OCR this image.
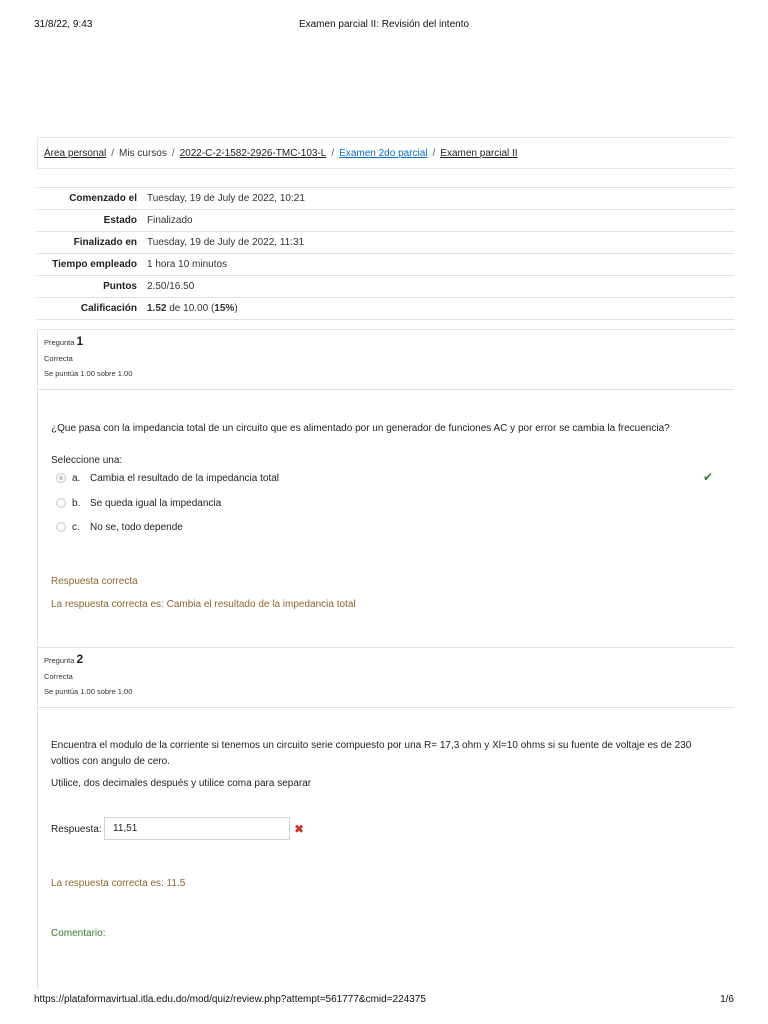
31/8/22, 9:43	Examen parcial II: Revisión del intento
Área personal / Mis cursos / 2022-C-2-1582-2926-TMC-103-L / Examen 2do parcial / Examen parcial II
Comenzado el	Tuesday, 19 de July de 2022, 10:21
Estado	Finalizado
Finalizado en	Tuesday, 19 de July de 2022, 11:31
Tiempo empleado	1 hora 10 minutos
Puntos	2.50/16.50
Calificación	1.52 de 10.00 (15%)
Pregunta 1
Correcta
Se puntúa 1.00 sobre 1.00
¿Que pasa con la impedancia total de un circuito que es alimentado por un generador de funciones AC y por error se cambia la frecuencia?
Seleccione una:
a. Cambia el resultado de la impedancia total	✔
b. Se queda igual la impedancia
c. No se, todo depende
Respuesta correcta
La respuesta correcta es: Cambia el resultado de la impedancia total
Pregunta 2
Correcta
Se puntúa 1.00 sobre 1.00
Encuentra el modulo de la corriente si tenemos un circuito serie compuesto por una R= 17,3 ohm y Xl=10 ohms si su fuente de voltaje es de 230 voltios con angulo de cero.
Utilice, dos decimales después y utilice coma para separar
Respuesta:	11,51	✖
La respuesta correcta es: 11.5
Comentario:
https://plataformavirtual.itla.edu.do/mod/quiz/review.php?attempt=561777&cmid=224375	1/6
